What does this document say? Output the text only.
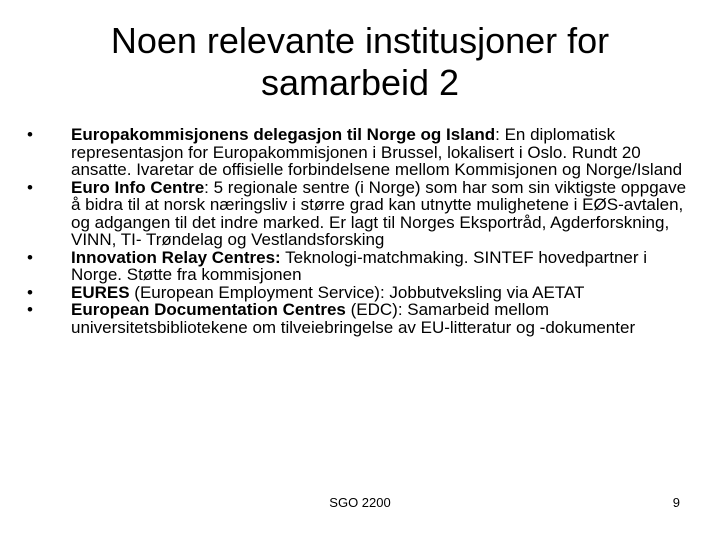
Noen relevante institusjoner for
samarbeid 2
•	Europakommisjonens delegasjon til Norge og Island: En diplomatisk representasjon for Europakommisjonen i Brussel, lokalisert i Oslo. Rundt 20 ansatte. Ivaretar de offisielle forbindelsene mellom Kommisjonen og Norge/Island
•	Euro Info Centre: 5 regionale sentre (i Norge) som har som sin viktigste oppgave å bidra til at norsk næringsliv i større grad kan utnytte mulighetene i EØS-avtalen, og adgangen til det indre marked. Er lagt til Norges Eksportråd, Agderforskning, VINN, TI- Trøndelag og Vestlandsforsking
•	Innovation Relay Centres: Teknologi-matchmaking. SINTEF hovedpartner i Norge. Støtte fra kommisjonen
•	EURES (European Employment Service): Jobbutveksling via AETAT
•	European Documentation Centres (EDC): Samarbeid mellom universitetsbibliotekene om tilveiebringelse av EU-litteratur og -dokumenter
SGO 2200	9
